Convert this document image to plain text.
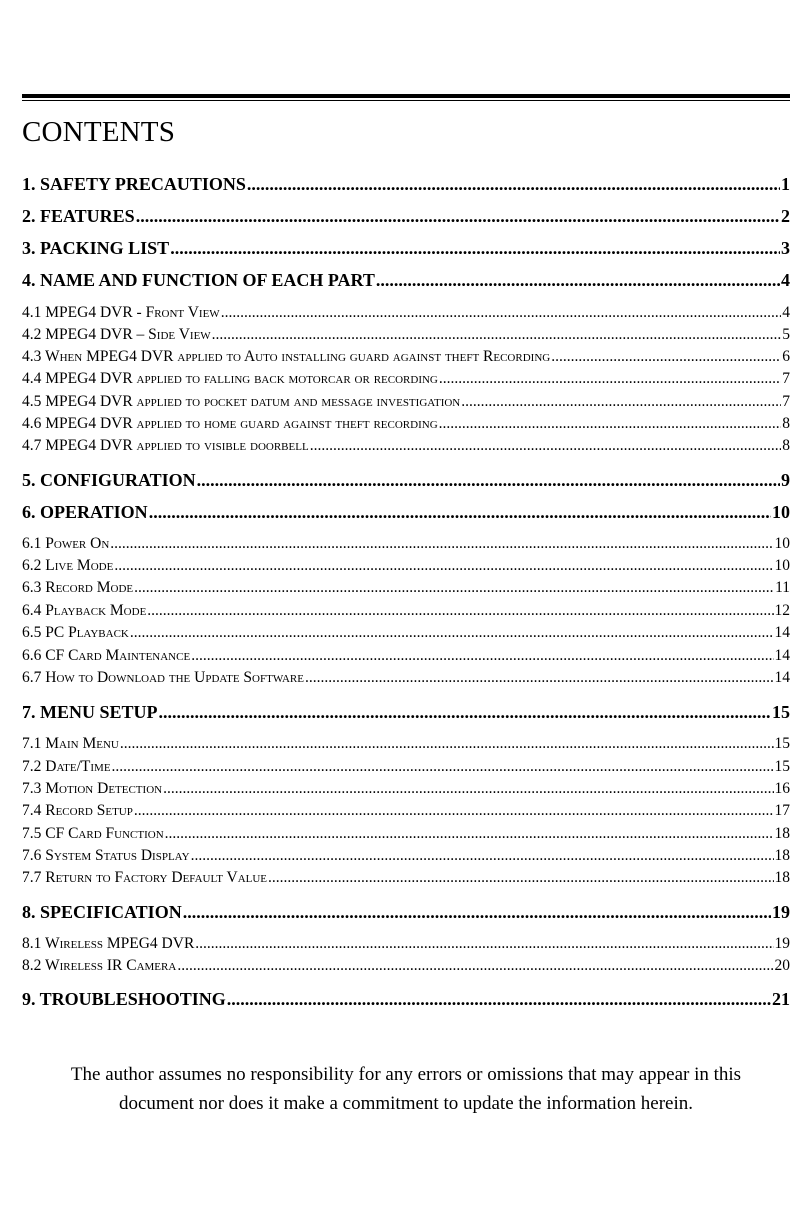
CONTENTS
1. SAFETY PRECAUTIONS .....	1
2. FEATURES .....	2
3. PACKING LIST .....	3
4. NAME AND FUNCTION OF EACH PART .....	4
4.1 MPEG4 DVR - Front View .....	4
4.2 MPEG4 DVR – Side View .....	5
4.3 When MPEG4 DVR applied to Auto installing guard against theft Recording .....	6
4.4 MPEG4 DVR applied to falling back motorcar or recording .....	7
4.5 MPEG4 DVR applied to pocket datum and message investigation .....	7
4.6 MPEG4 DVR applied to home guard against theft recording .....	8
4.7 MPEG4 DVR applied to visible doorbell .....	8
5. CONFIGURATION .....	9
6. OPERATION .....	10
6.1 Power On .....	10
6.2 Live Mode .....	10
6.3 Record Mode .....	11
6.4 Playback Mode .....	12
6.5 PC Playback .....	14
6.6 CF Card Maintenance .....	14
6.7 How to Download the Update Software .....	14
7. MENU SETUP .....	15
7.1 Main Menu .....	15
7.2 Date/Time .....	15
7.3 Motion Detection .....	16
7.4 Record Setup .....	17
7.5 CF Card Function .....	18
7.6 System Status Display .....	18
7.7 Return to Factory Default Value .....	18
8. SPECIFICATION .....	19
8.1 Wireless MPEG4 DVR .....	19
8.2 Wireless IR Camera .....	20
9. TROUBLESHOOTING .....	21
The author assumes no responsibility for any errors or omissions that may appear in this
document nor does it make a commitment to update the information herein.
